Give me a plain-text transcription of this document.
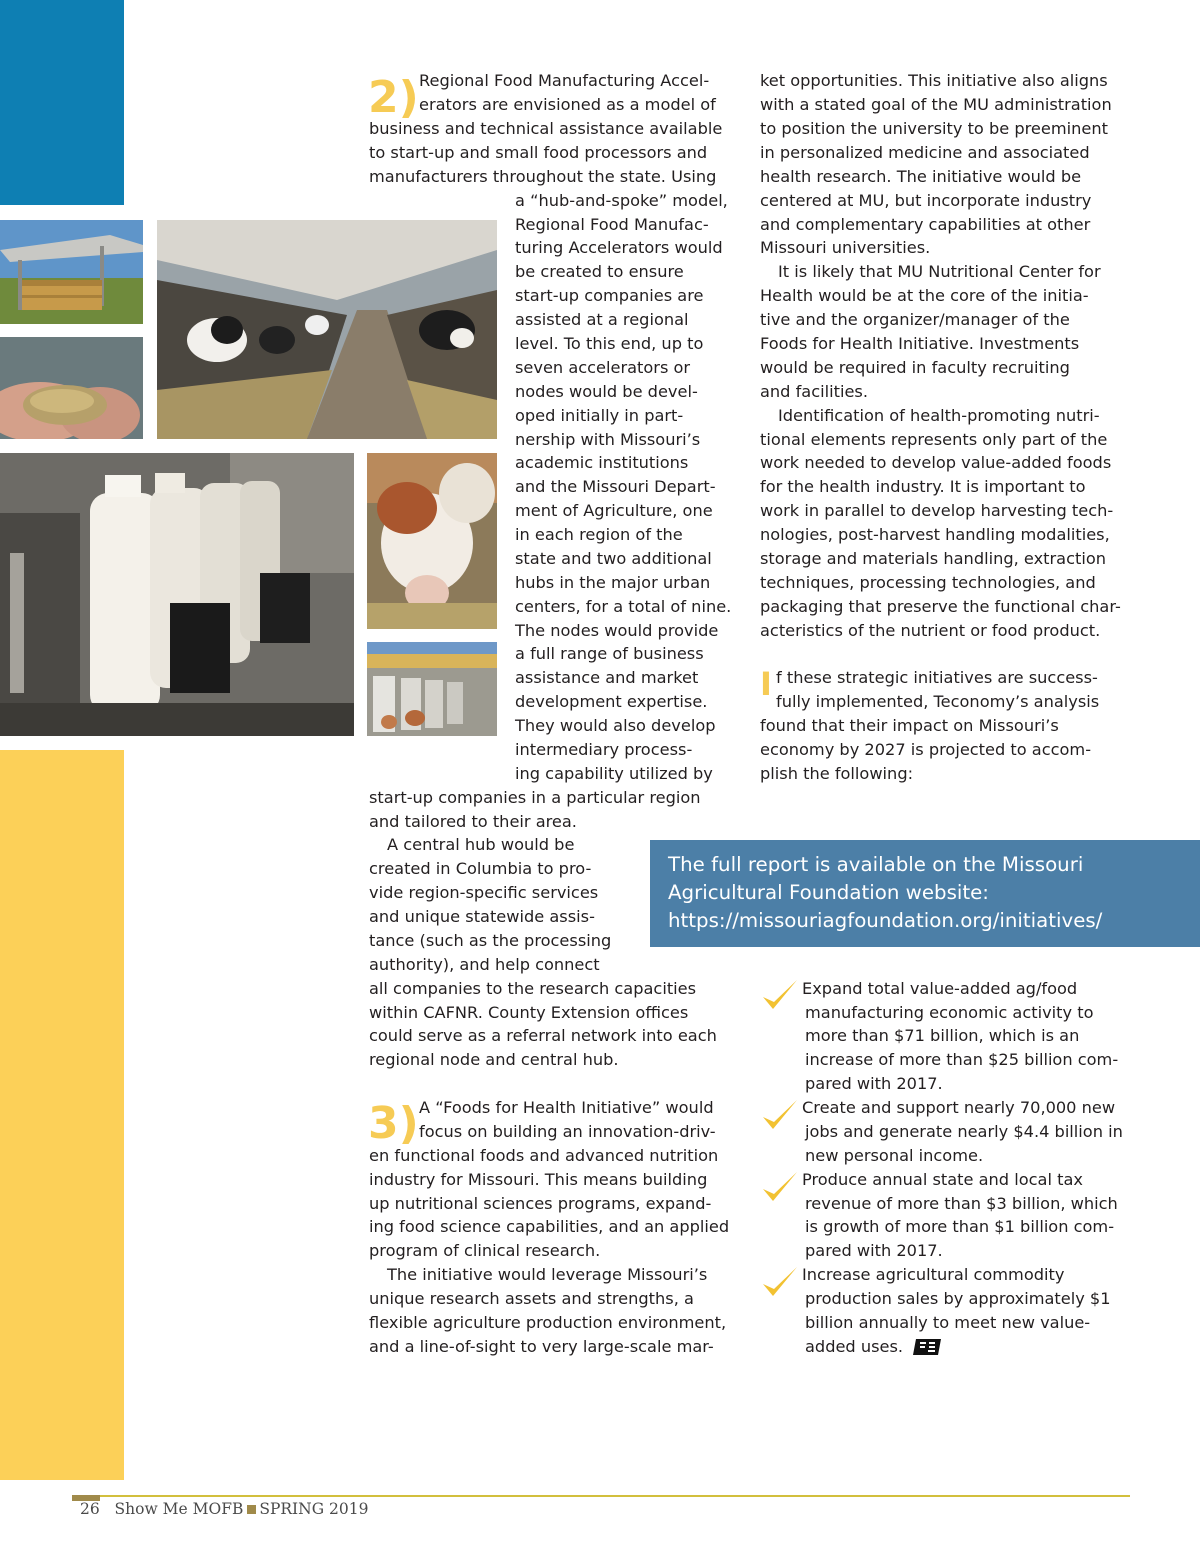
2)
3)
I
Regional Food Manufacturing Accel-
erators are envisioned as a model of
business and technical assistance available
to start-up and small food processors and
manufacturers throughout the state. Using
a “hub-and-spoke” model,
Regional Food Manufac-
turing Accelerators would
be created to ensure
start-up companies are
assisted at a regional
level. To this end, up to
seven accelerators or
nodes would be devel-
oped initially in part-
nership with Missouri’s
academic institutions
and the Missouri Depart-
ment of Agriculture, one
in each region of the
state and two additional
hubs in the major urban
centers, for a total of nine.
The nodes would provide
a full range of business
assistance and market
development expertise.
They would also develop
intermediary process-
ing capability utilized by
start-up companies in a particular region
and tailored to their area.
A central hub would be
created in Columbia to pro-
vide region-specific services
and unique statewide assis-
tance (such as the processing
authority), and help connect
all companies to the research capacities
within CAFNR. County Extension offices
could serve as a referral network into each
regional node and central hub.
A “Foods for Health Initiative” would
focus on building an innovation-driv-
en functional foods and advanced nutrition
industry for Missouri. This means building
up nutritional sciences programs, expand-
ing food science capabilities, and an applied
program of clinical research.
The initiative would leverage Missouri’s
unique research assets and strengths, a
flexible agriculture production environment,
and a line-of-sight to very large-scale mar-
ket opportunities. This initiative also aligns
with a stated goal of the MU administration
to position the university to be preeminent
in personalized medicine and associated
health research. The initiative would be
centered at MU, but incorporate industry
and complementary capabilities at other
Missouri universities.
It is likely that MU Nutritional Center for
Health would be at the core of the initia-
tive and the organizer/manager of the
Foods for Health Initiative. Investments
would be required in faculty recruiting
and facilities.
Identification of health-promoting nutri-
tional elements represents only part of the
work needed to develop value-added foods
for the health industry. It is important to
work in parallel to develop harvesting tech-
nologies, post-harvest handling modalities,
storage and materials handling, extraction
techniques, processing technologies, and
packaging that preserve the functional char-
acteristics of the nutrient or food product.
f these strategic initiatives are success-
fully implemented, Teconomy’s analysis
found that their impact on Missouri’s
economy by 2027 is projected to accom-
plish the following:
The full report is available on the Missouri
Agricultural Foundation website:
https://missouriagfoundation.org/initiatives/
Expand total value-added ag/food
manufacturing economic activity to
more than $71 billion, which is an
increase of more than $25 billion com-
pared with 2017.
Create and support nearly 70,000 new
jobs and generate nearly $4.4 billion in
new personal income.
Produce annual state and local tax
revenue of more than $3 billion, which
is growth of more than $1 billion com-
pared with 2017.
Increase agricultural commodity
production sales by approximately $1
billion annually to meet new value-
added uses.
26 Show Me MOFB SPRING 2019
